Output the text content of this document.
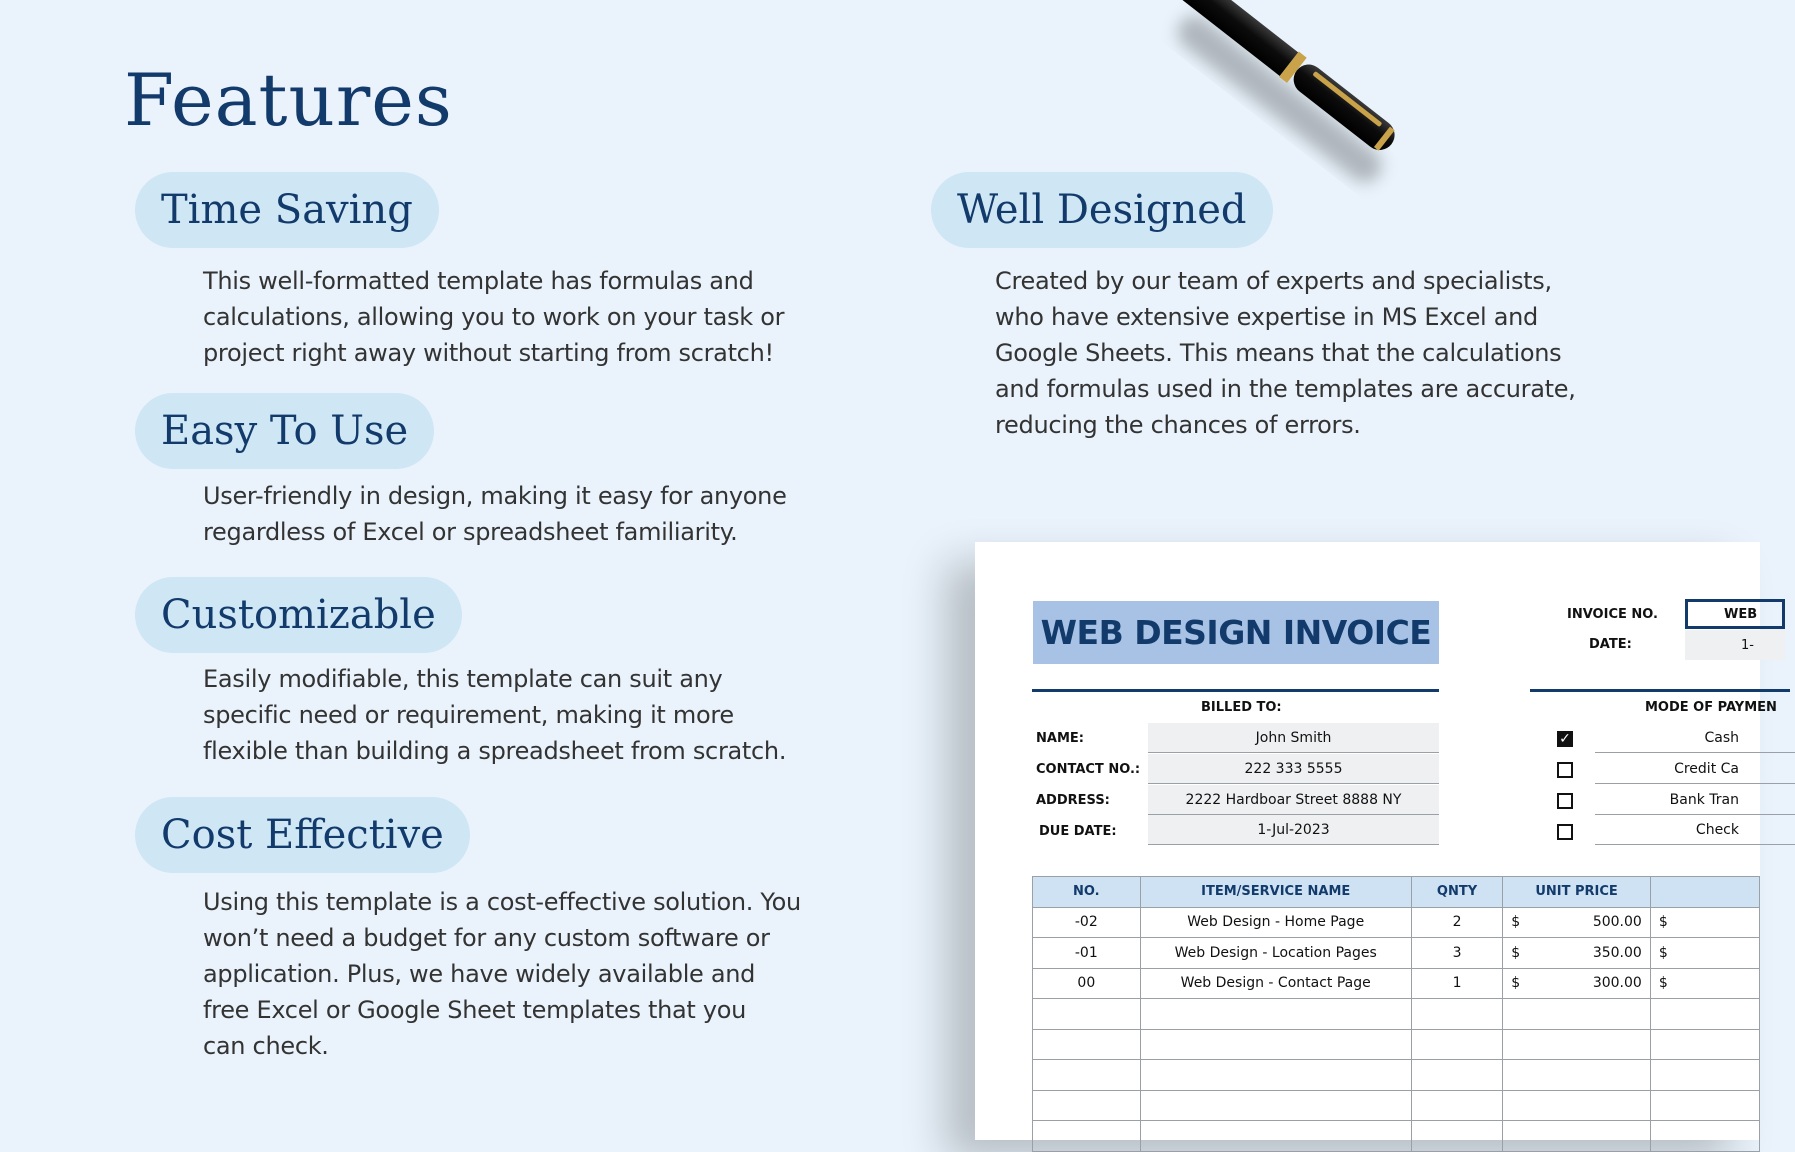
Features
Time Saving
This well-formatted template has formulas and
calculations, allowing you to work on your task or
project right away without starting from scratch!
Easy To Use
User-friendly in design, making it easy for anyone
regardless of Excel or spreadsheet familiarity.
Customizable
Easily modifiable, this template can suit any
specific need or requirement, making it more
flexible than building a spreadsheet from scratch.
Cost Effective
Using this template is a cost-effective solution. You
won’t need a budget for any custom software or
application. Plus, we have widely available and
free Excel or Google Sheet templates that you
can check.
Well Designed
Created by our team of experts and specialists,
who have extensive expertise in MS Excel and
Google Sheets. This means that the calculations
and formulas used in the templates are accurate,
reducing the chances of errors.
WEB DESIGN INVOICE	INVOICE NO.	WEB
DATE:	1-
BILLED TO:	MODE OF PAYMEN
NAME:	John Smith
CONTACT NO.:	222 333 5555
ADDRESS:	2222 Hardboar Street 8888 NY
DUE DATE:	1-Jul-2023
✓	Cash
Credit Ca
Bank Tran
Check
NO.	ITEM/SERVICE NAME	QNTY	UNIT PRICE	
-02	Web Design - Home Page	2	$ 500.00	$
-01	Web Design - Location Pages	3	$ 350.00	$
00	Web Design - Contact Page	1	$ 300.00	$
